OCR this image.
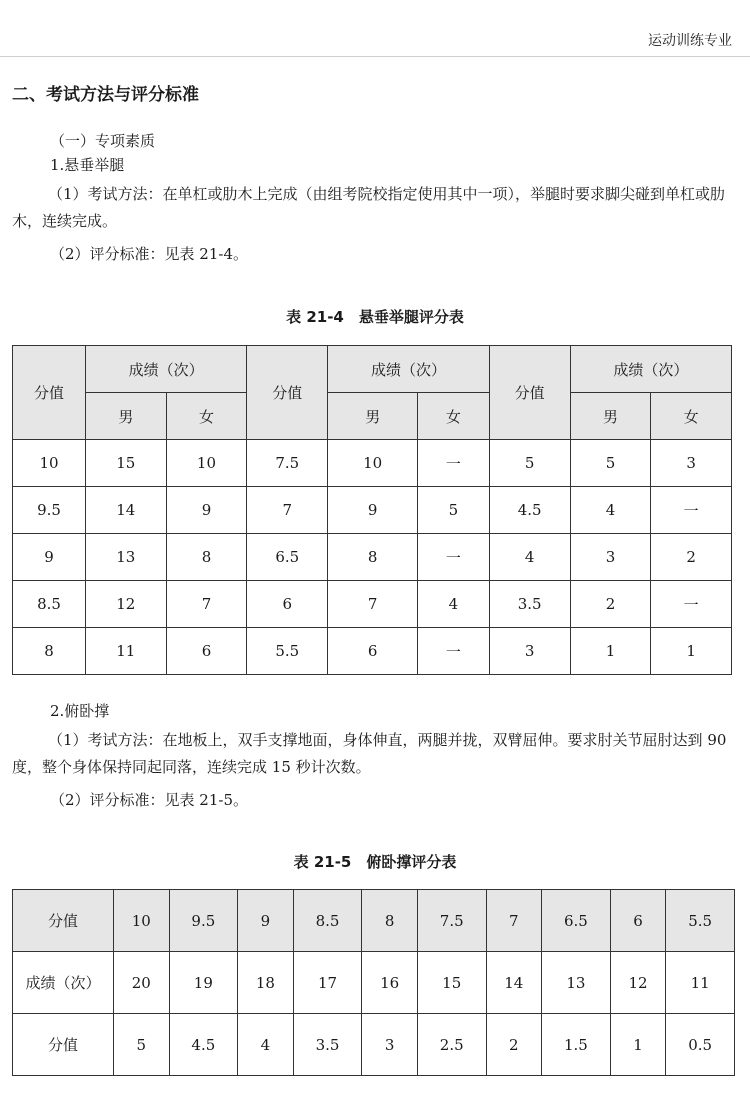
运动训练专业
二、考试方法与评分标准
（一）专项素质
1.悬垂举腿
（1）考试方法：在单杠或肋木上完成（由组考院校指定使用其中一项），举腿时要求脚尖碰到单杠或肋木，连续完成。
（2）评分标准：见表 21-4。
表 21-4　悬垂举腿评分表
分值	成绩（次）		分值	成绩（次）		分值	成绩（次）	
	男	女		男	女		男	女
10	15	10	7.5	10	一	5	5	3
9.5	14	9	7	9	5	4.5	4	一
9	13	8	6.5	8	一	4	3	2
8.5	12	7	6	7	4	3.5	2	一
8	11	6	5.5	6	一	3	1	1
2.俯卧撑
（1）考试方法：在地板上，双手支撑地面，身体伸直，两腿并拢，双臂屈伸。要求肘关节屈肘达到 90 度，整个身体保持同起同落，连续完成 15 秒计次数。
（2）评分标准：见表 21-5。
表 21-5　俯卧撑评分表
分值	10	9.5	9	8.5	8	7.5	7	6.5	6	5.5
成绩（次）	20	19	18	17	16	15	14	13	12	11
分值	5	4.5	4	3.5	3	2.5	2	1.5	1	0.5
